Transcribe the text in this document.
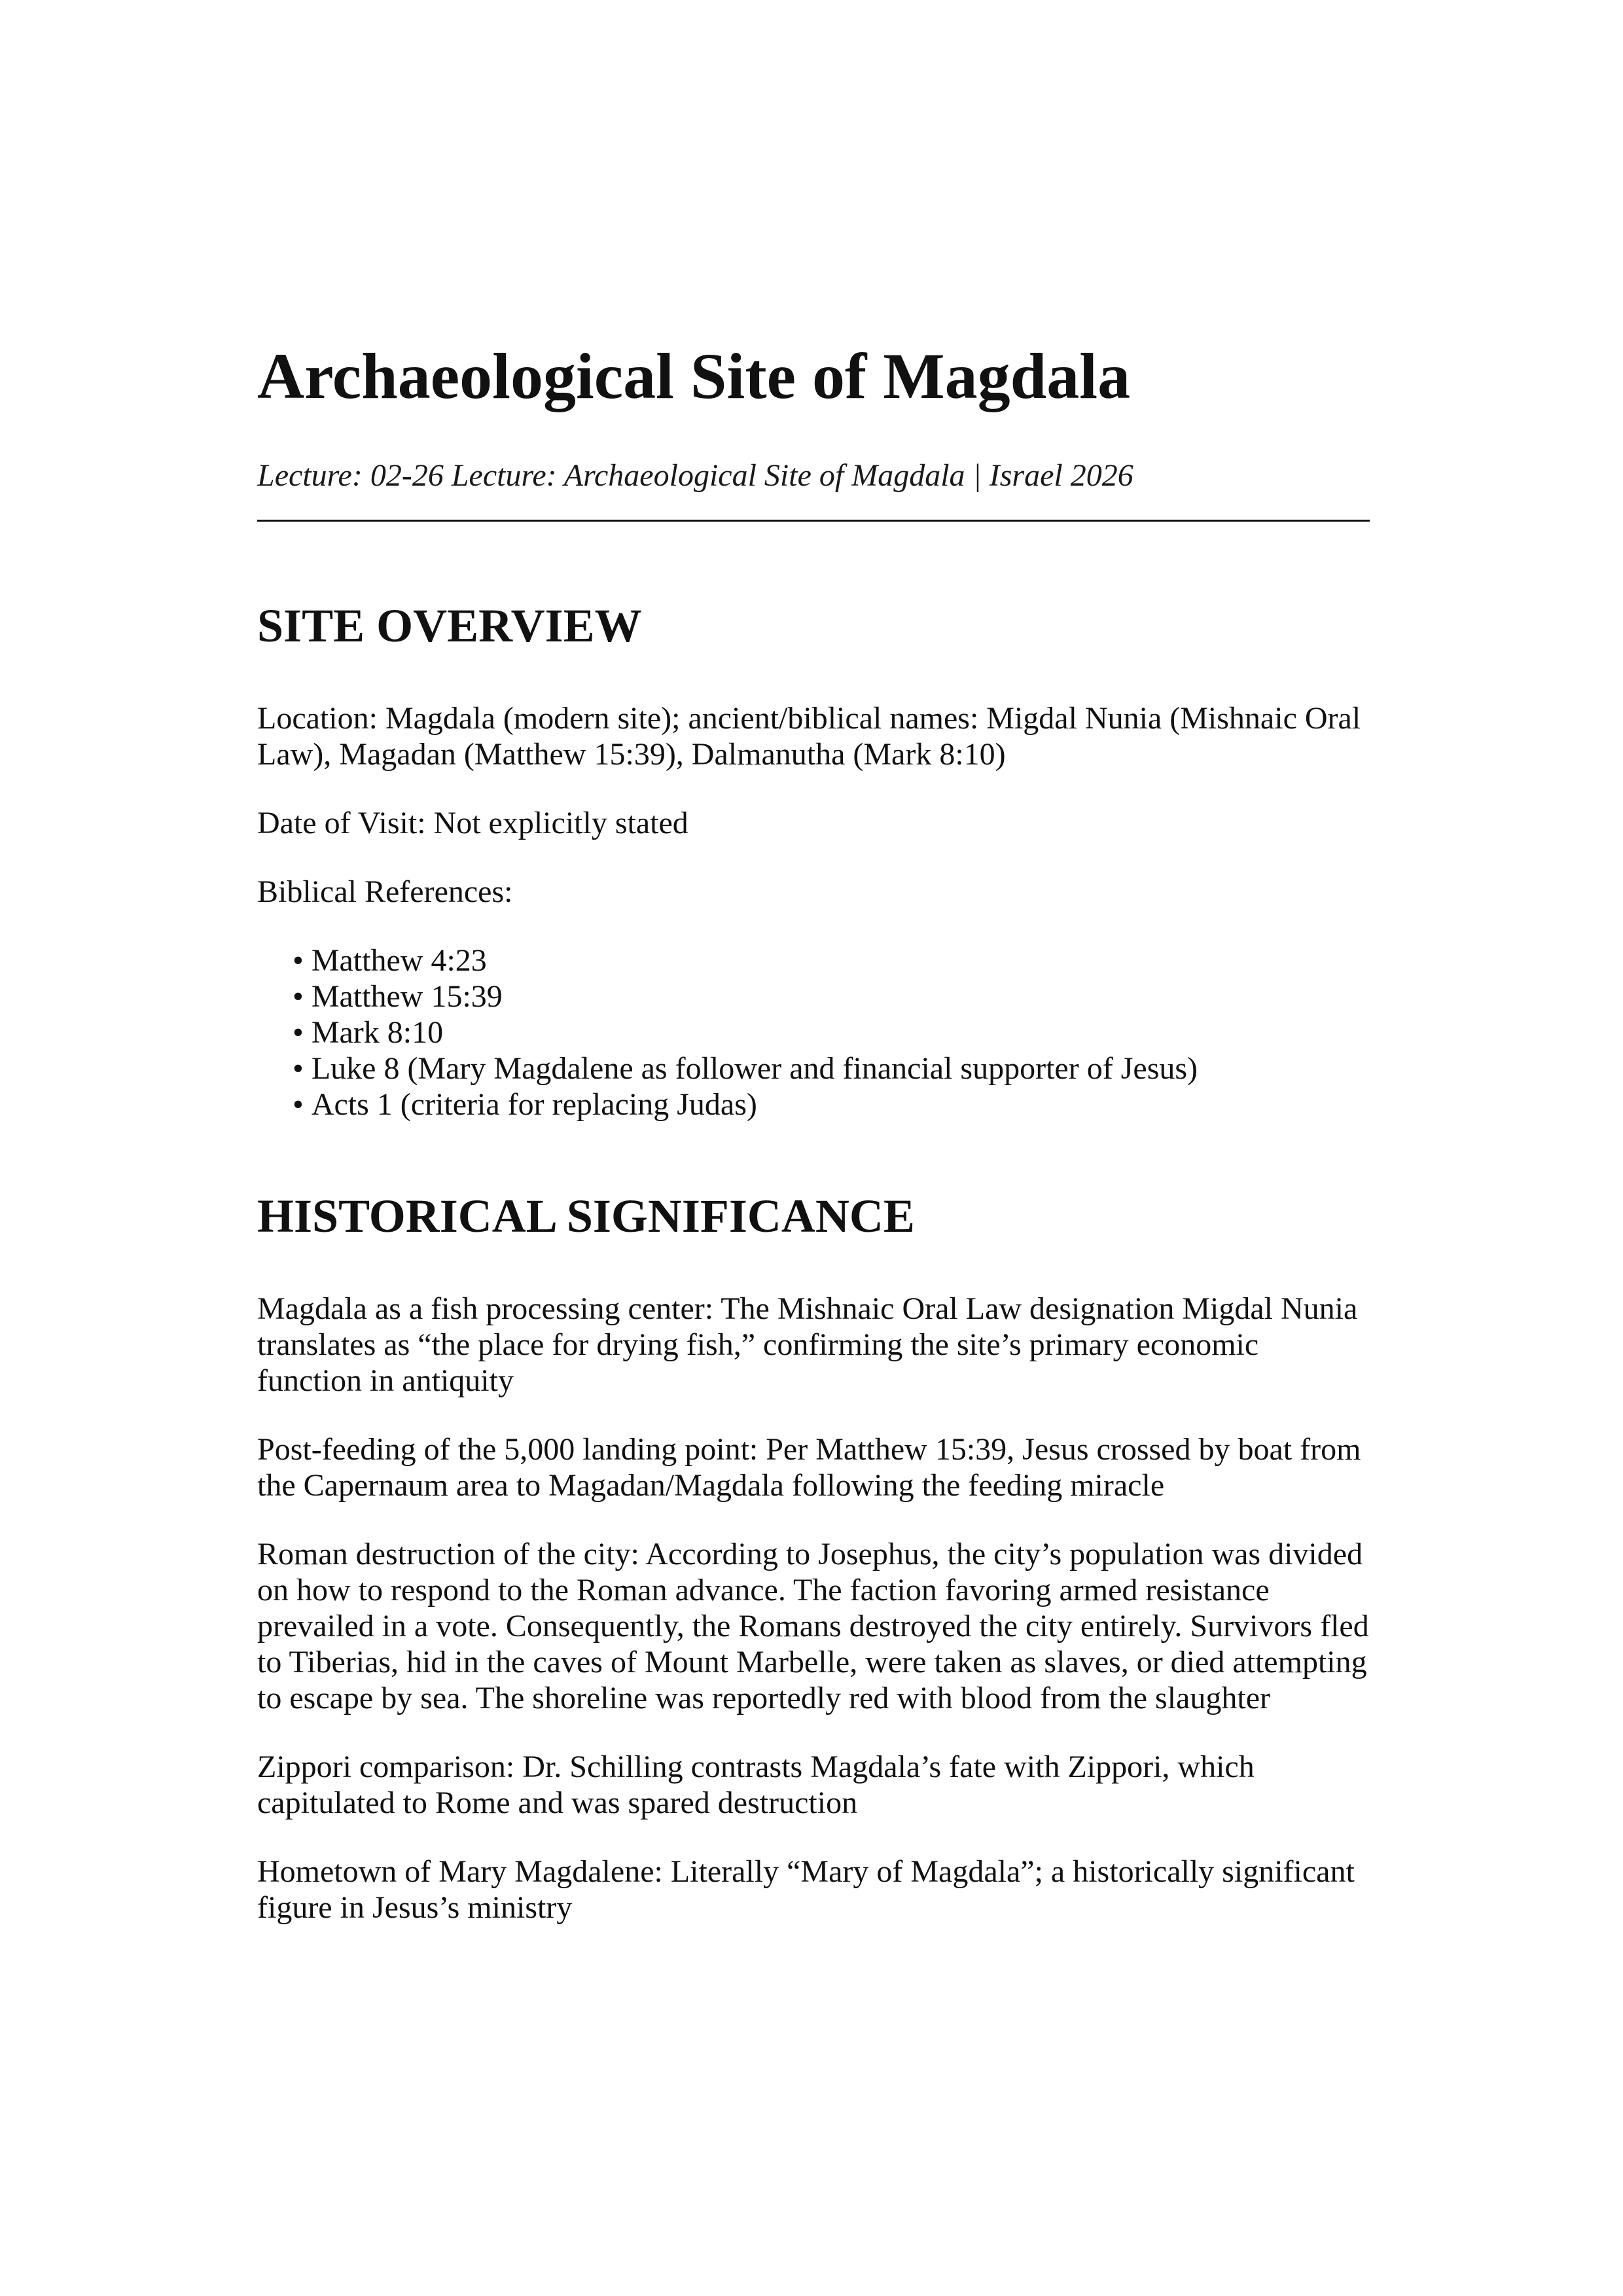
Archaeological Site of Magdala
Lecture: 02-26 Lecture: Archaeological Site of Magdala | Israel 2026
SITE OVERVIEW

Location: Magdala (modern site); ancient/biblical names: Migdal Nunia (Mishnaic Oral Law), Magadan (Matthew 15:39), Dalmanutha (Mark 8:10)

Date of Visit: Not explicitly stated

Biblical References:

• Matthew 4:23
• Matthew 15:39
• Mark 8:10
• Luke 8 (Mary Magdalene as follower and financial supporter of Jesus)
• Acts 1 (criteria for replacing Judas)
HISTORICAL SIGNIFICANCE

Magdala as a fish processing center: The Mishnaic Oral Law designation Migdal Nunia translates as “the place for drying fish,” confirming the site’s primary economic function in antiquity

Post-feeding of the 5,000 landing point: Per Matthew 15:39, Jesus crossed by boat from the Capernaum area to Magadan/Magdala following the feeding miracle

Roman destruction of the city: According to Josephus, the city’s population was divided on how to respond to the Roman advance. The faction favoring armed resistance prevailed in a vote. Consequently, the Romans destroyed the city entirely. Survivors fled to Tiberias, hid in the caves of Mount Marbelle, were taken as slaves, or died attempting to escape by sea. The shoreline was reportedly red with blood from the slaughter

Zippori comparison: Dr. Schilling contrasts Magdala’s fate with Zippori, which capitulated to Rome and was spared destruction

Hometown of Mary Magdalene: Literally “Mary of Magdala”; a historically significant figure in Jesus’s ministry
